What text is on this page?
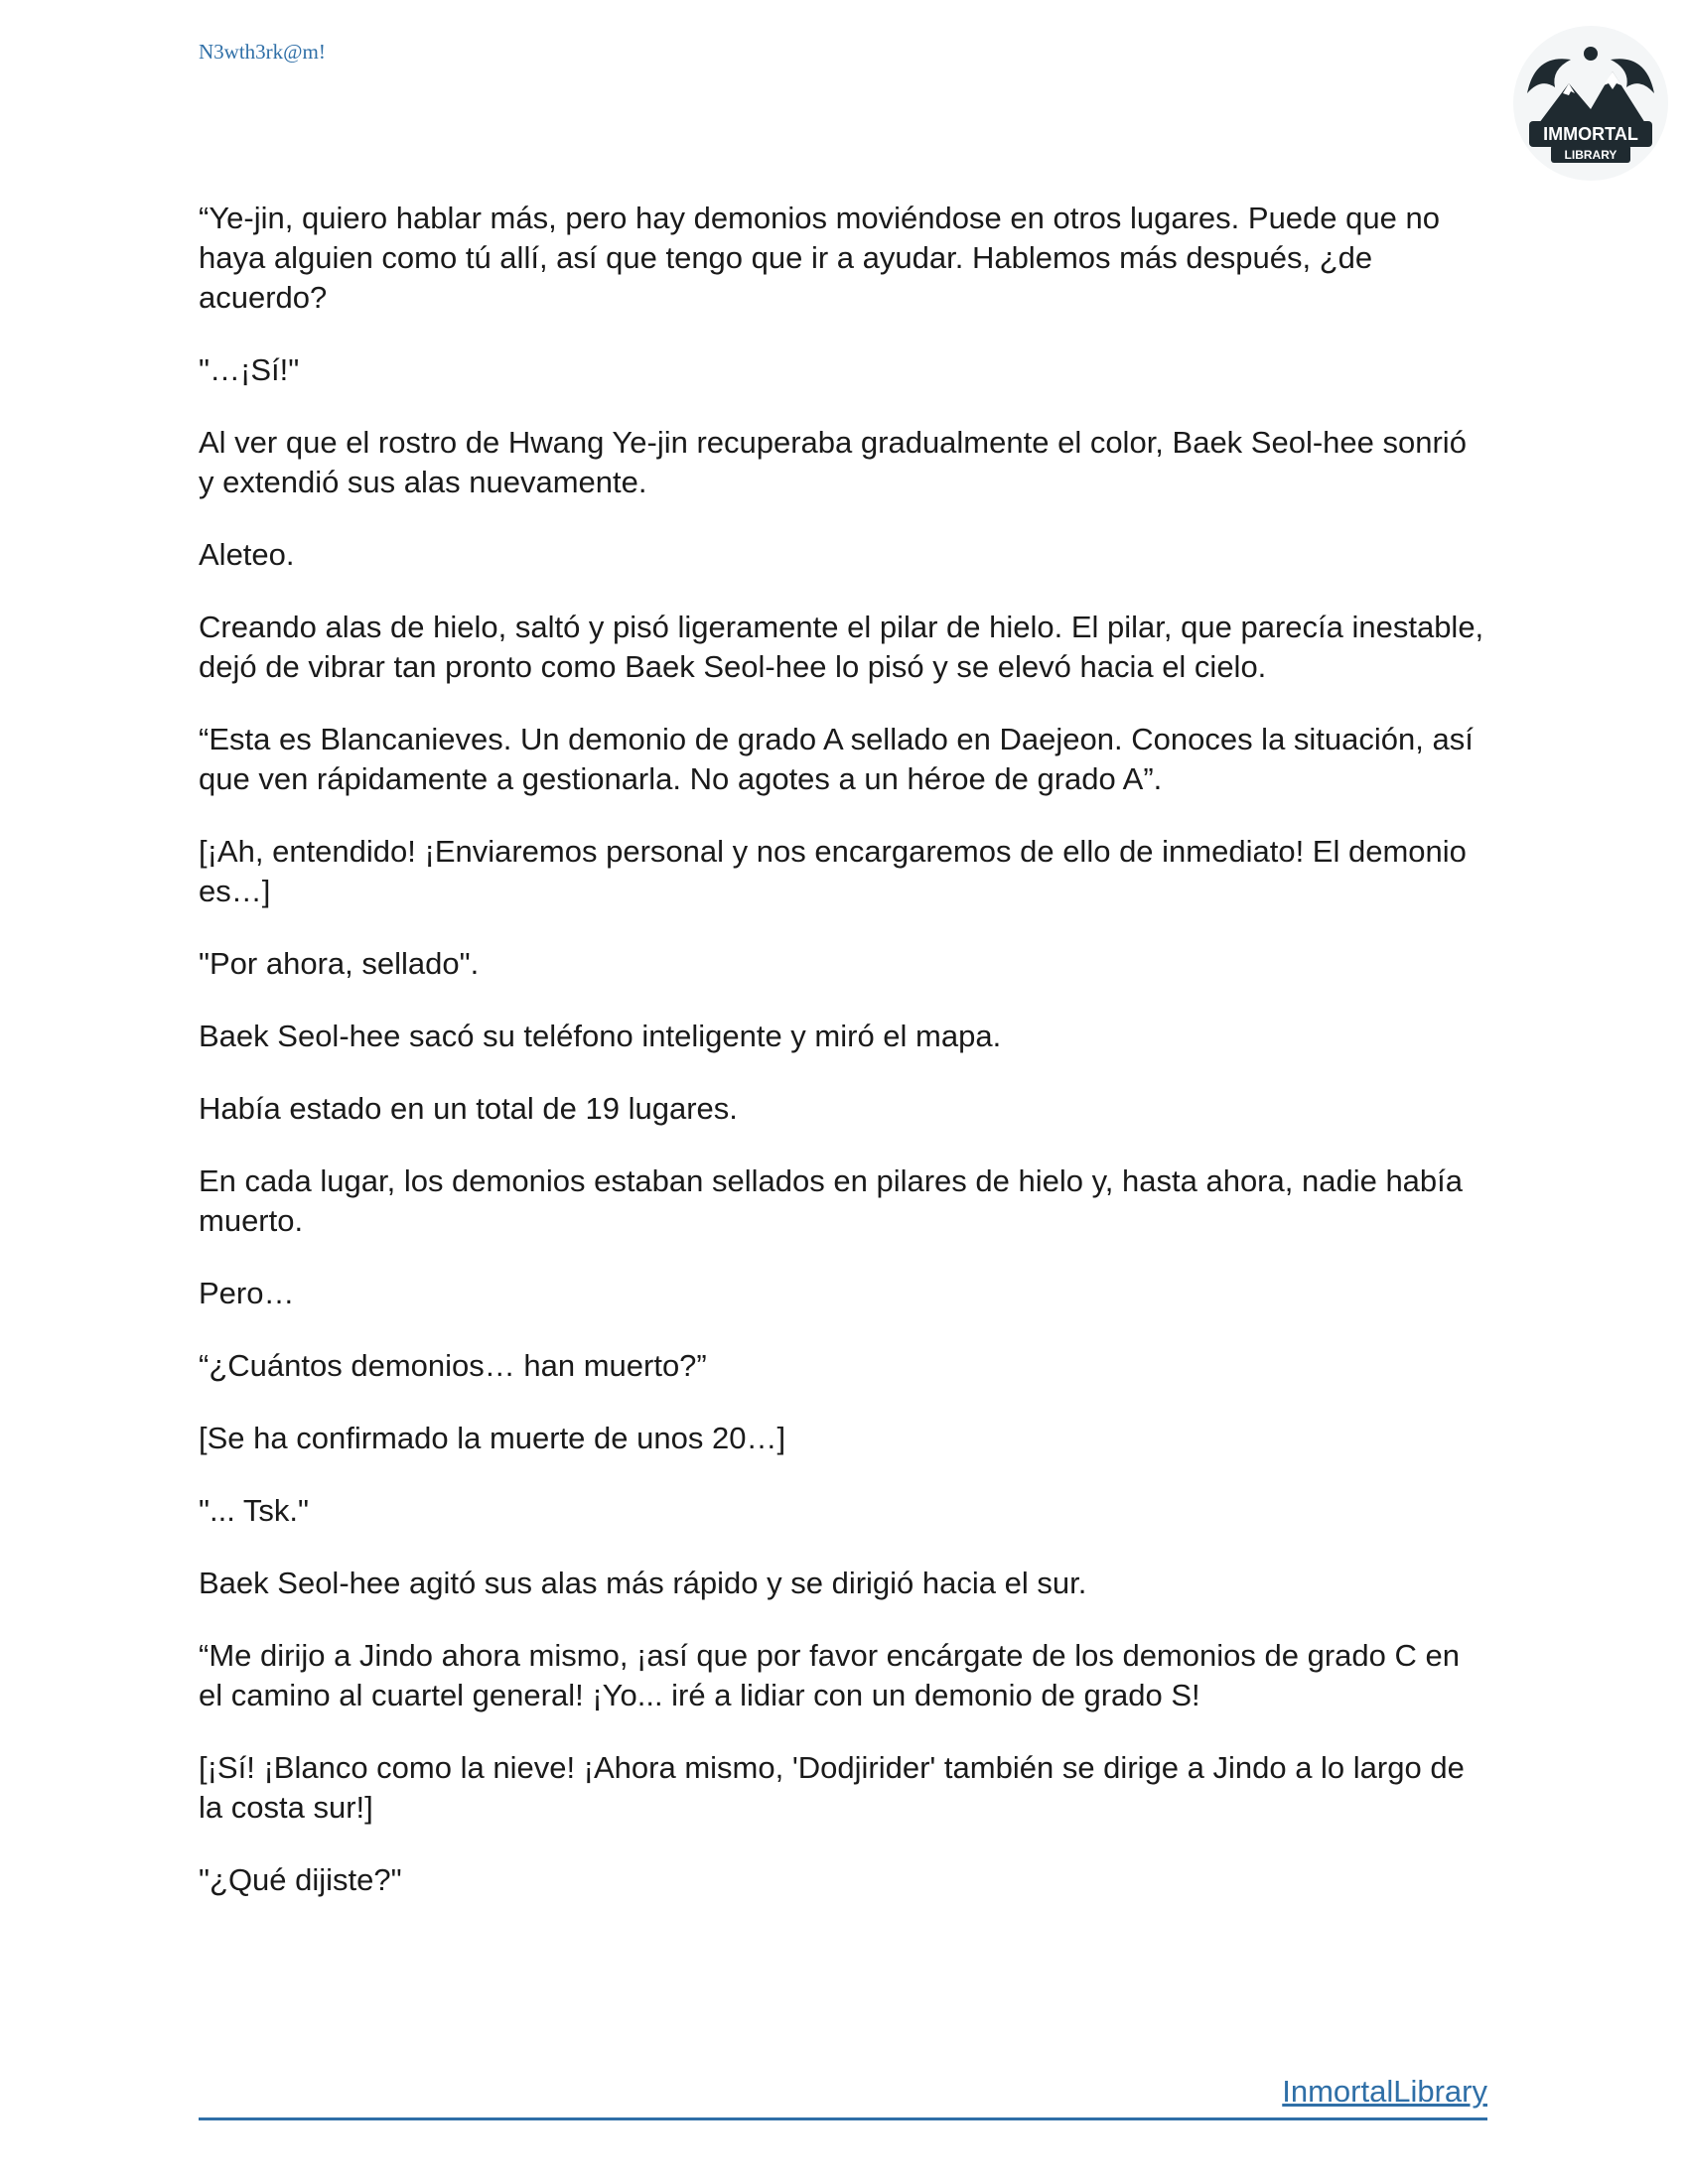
N3wth3rk@m!
IMMORTAL
LIBRARY

“Ye-jin, quiero hablar más, pero hay demonios moviéndose en otros lugares. Puede que no haya alguien como tú allí, así que tengo que ir a ayudar. Hablemos más después, ¿de acuerdo?

"…¡Sí!"

Al ver que el rostro de Hwang Ye-jin recuperaba gradualmente el color, Baek Seol-hee sonrió y extendió sus alas nuevamente.

Aleteo.

Creando alas de hielo, saltó y pisó ligeramente el pilar de hielo. El pilar, que parecía inestable, dejó de vibrar tan pronto como Baek Seol-hee lo pisó y se elevó hacia el cielo.

“Esta es Blancanieves. Un demonio de grado A sellado en Daejeon. Conoces la situación, así que ven rápidamente a gestionarla. No agotes a un héroe de grado A”.

[¡Ah, entendido! ¡Enviaremos personal y nos encargaremos de ello de inmediato! El demonio es…]

"Por ahora, sellado".

Baek Seol-hee sacó su teléfono inteligente y miró el mapa.

Había estado en un total de 19 lugares.

En cada lugar, los demonios estaban sellados en pilares de hielo y, hasta ahora, nadie había muerto.

Pero…

“¿Cuántos demonios… han muerto?”

[Se ha confirmado la muerte de unos 20…]

"... Tsk."

Baek Seol-hee agitó sus alas más rápido y se dirigió hacia el sur.

“Me dirijo a Jindo ahora mismo, ¡así que por favor encárgate de los demonios de grado C en el camino al cuartel general! ¡Yo... iré a lidiar con un demonio de grado S!

[¡Sí! ¡Blanco como la nieve! ¡Ahora mismo, 'Dodjirider' también se dirige a Jindo a lo largo de la costa sur!]

"¿Qué dijiste?"

InmortalLibrary
